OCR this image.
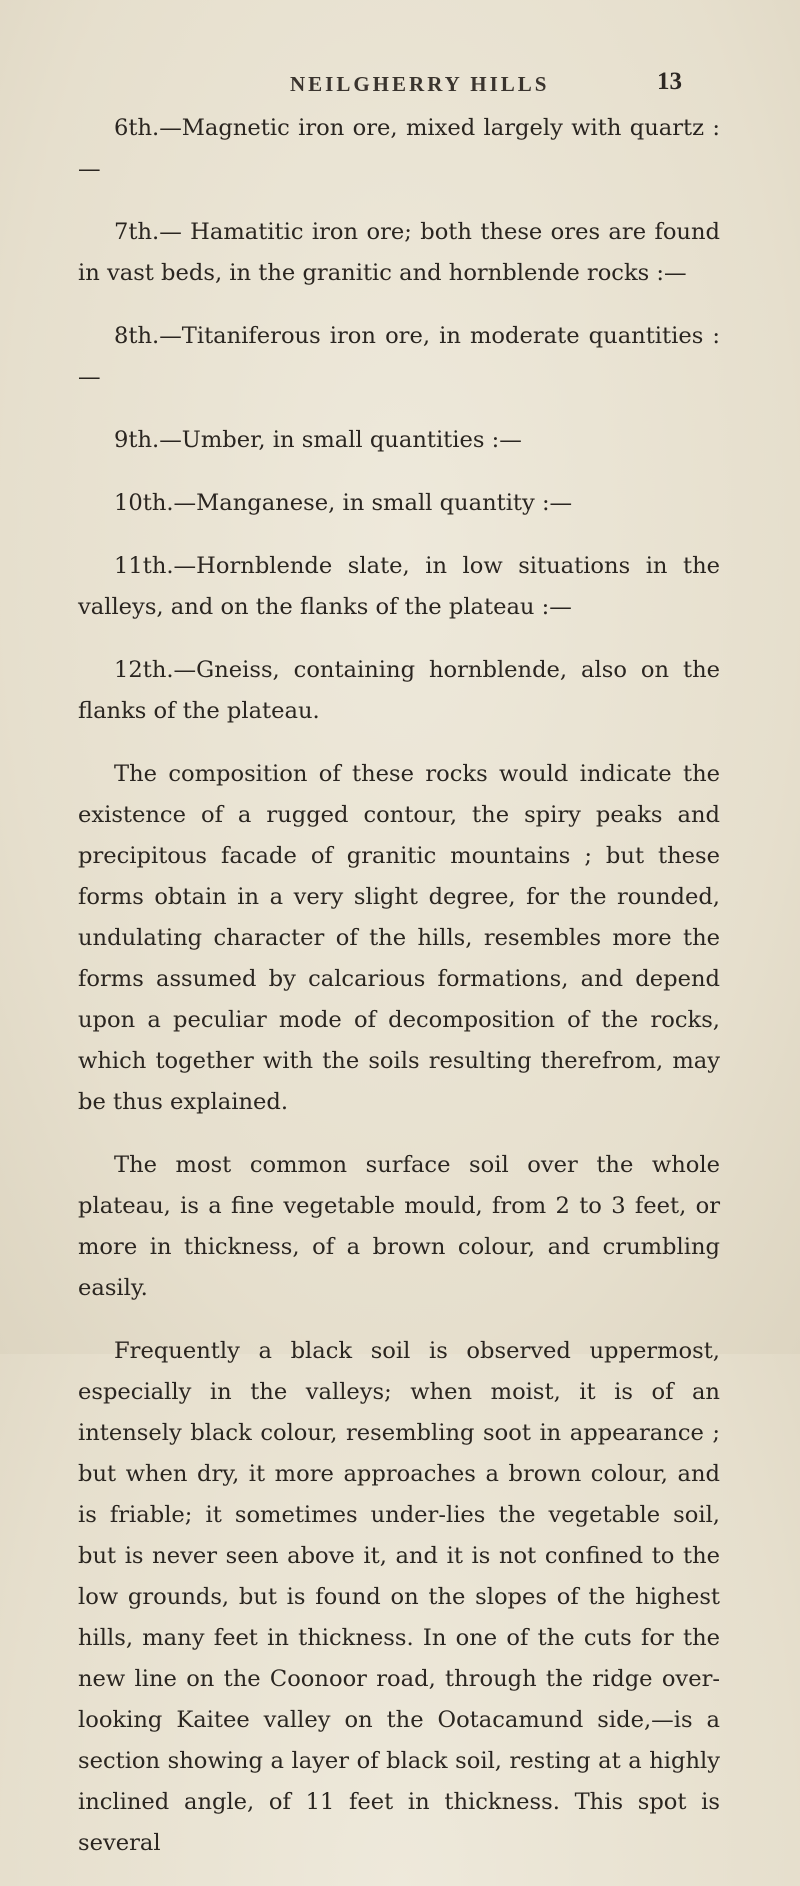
NEILGHERRY HILLS	13

6th.—Magnetic iron ore, mixed largely with quartz :—

7th.— Hamatitic iron ore; both these ores are found in vast beds, in the granitic and hornblende rocks :—

8th.—Titaniferous iron ore, in moderate quantities :—

9th.—Umber, in small quantities :—

10th.—Manganese, in small quantity :—

11th.—Hornblende slate, in low situations in the valleys, and on the flanks of the plateau :—

12th.—Gneiss, containing hornblende, also on the flanks of the plateau.

The composition of these rocks would indicate the existence of a rugged contour, the spiry peaks and precipitous facade of granitic mountains ; but these forms obtain in a very slight degree, for the rounded, undulating character of the hills, resembles more the forms assumed by calcarious formations, and depend upon a peculiar mode of decomposition of the rocks, which together with the soils resulting therefrom, may be thus explained.

The most common surface soil over the whole plateau, is a fine vegetable mould, from 2 to 3 feet, or more in thickness, of a brown colour, and crumbling easily.

Frequently a black soil is observed uppermost, especially in the valleys; when moist, it is of an intensely black colour, resembling soot in appearance ; but when dry, it more approaches a brown colour, and is friable; it sometimes under-lies the vegetable soil, but is never seen above it, and it is not confined to the low grounds, but is found on the slopes of the highest hills, many feet in thickness. In one of the cuts for the new line on the Coonoor road, through the ridge over-looking Kaitee valley on the Ootacamund side,—is a section showing a layer of black soil, resting at a highly inclined angle, of 11 feet in thickness. This spot is several
